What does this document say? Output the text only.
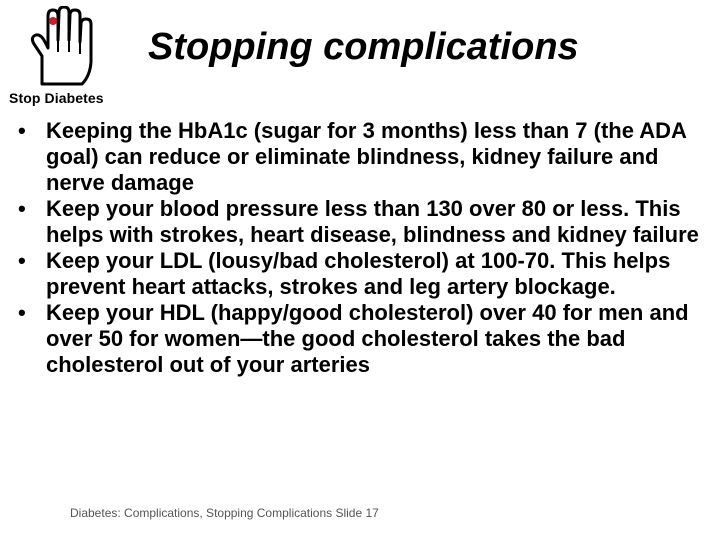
Stop Diabetes
Stopping complications
• Keeping the HbA1c (sugar for 3 months) less than 7 (the ADA goal) can reduce or eliminate blindness, kidney failure and nerve damage
• Keep your blood pressure less than 130 over 80 or less. This helps with strokes, heart disease, blindness and kidney failure
• Keep your LDL (lousy/bad cholesterol) at 100-70. This helps prevent heart attacks, strokes and leg artery blockage.
• Keep your HDL (happy/good cholesterol) over 40 for men and over 50 for women—the good cholesterol takes the bad cholesterol out of your arteries
Diabetes: Complications, Stopping Complications Slide 17
